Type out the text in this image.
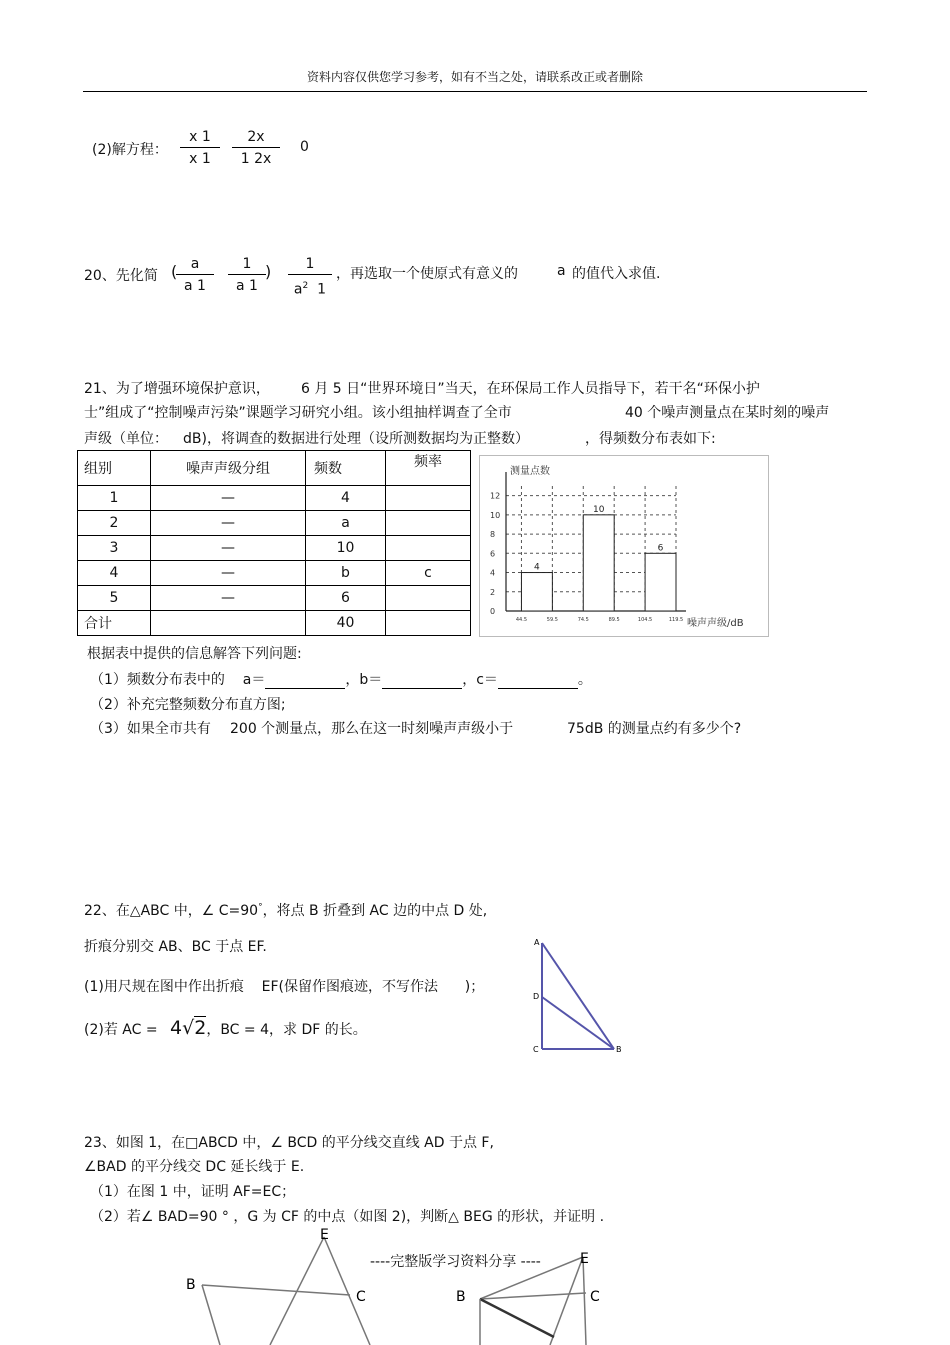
资料内容仅供您学习参考，如有不当之处，请联系改正或者删除
(2)解方程： $\frac{x 1}{x 1} \frac{2x}{1 2x} 0$
20、先化简 (
$\frac{a}{a 1} \frac{1}{a 1}$ ) $\frac{1}{a^2 1}$ ，再选取一个使原式有意义的	a 的值代入求值.
21、为了增强环境保护意识， 6 月 5 日“世界环境日”当天，在环保局工作人员指导下，若干名“环保小护
士”组成了“控制噪声污染”课题学习研究小组。该小组抽样调查了全市	40 个噪声测量点在某时刻的噪声
声级（单位： dB)，将调查的数据进行处理（设所测数据均为正整数）	，得频数分布表如下:
组别	噪声声级分组	频数	频率
1	—	4	
2	—	a	
3	—	10	
4	—	b	c
5	—	6	
合计		40	
0
2
4
6
8
10
12
4
10
6
44.5	59.5	74.5	89.5	104.5	119.5
测量点数
噪声声级/dB
根据表中提供的信息解答下列问题:
（1）频数分布表中的 a＝	，b＝	，c＝	。
（2）补充完整频数分布直方图;
（3）如果全市共有 200 个测量点，那么在这一时刻噪声声级小于	75dB 的测量点约有多少个?
22、在△ABC 中，∠ C=90°，将点 B 折叠到 AC 边的中点 D 处,
折痕分别交 AB、BC 于点 EF.
(1)用尺规在图中作出折痕 EF(保留作图痕迹，不写作法 )；
(2)若 AC = 4√2，BC = 4，求 DF 的长。
A
D
C	B
23、如图 1，在□ABCD 中，∠ BCD 的平分线交直线 AD 于点 F,
∠BAD 的平分线交 DC 延长线于 E.
（1）在图 1 中，证明 AF=EC；
（2）若∠ BAD=90 ° ，G 为 CF 的中点（如图 2)，判断△ BEG 的形状，并证明 .
----完整版学习资料分享 ----
E
B
C
E
B	C
